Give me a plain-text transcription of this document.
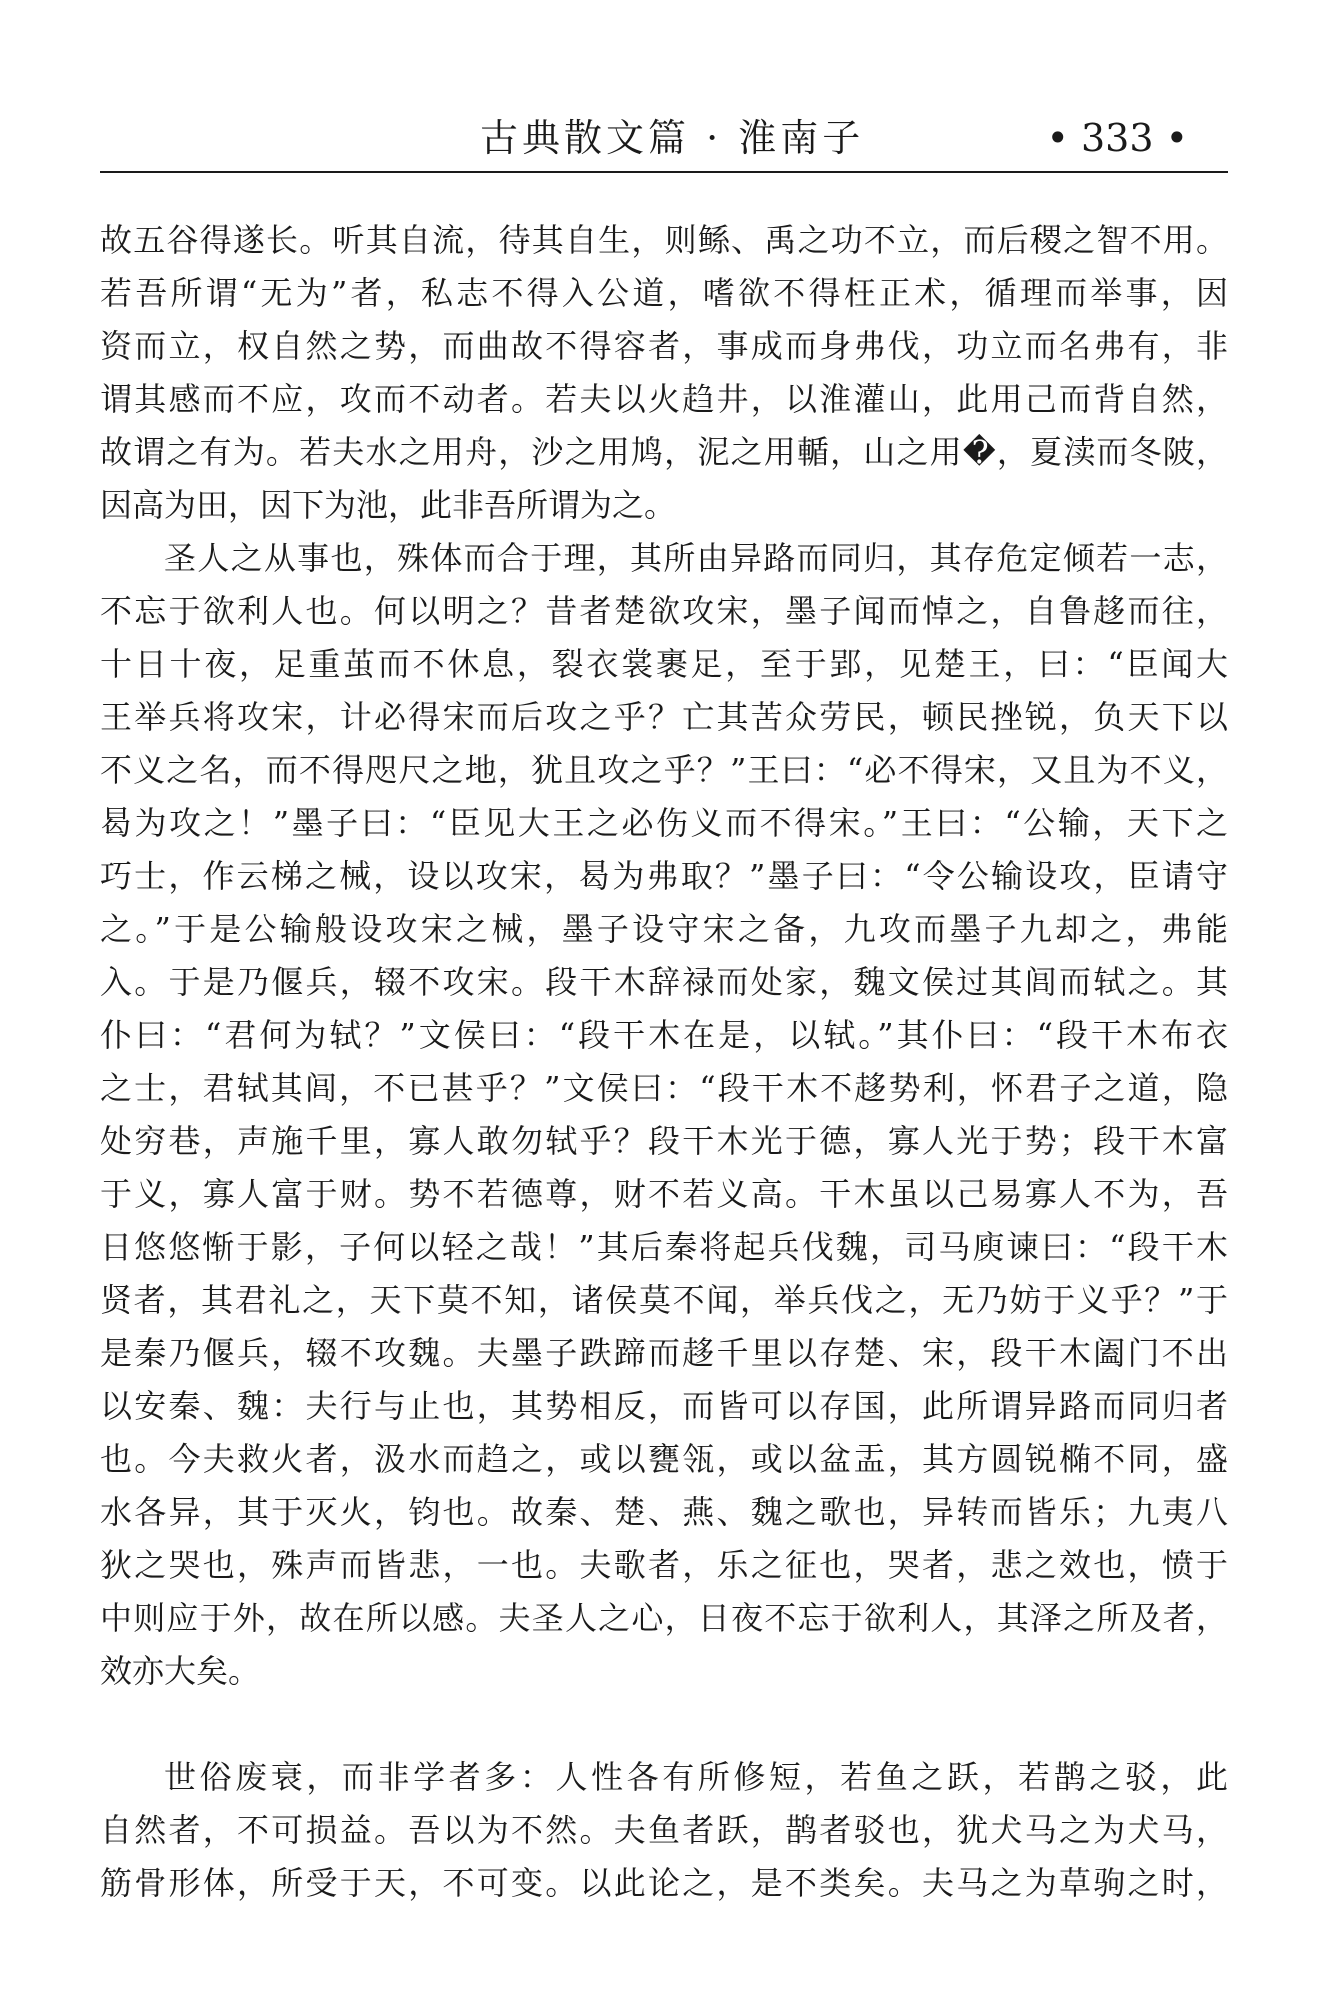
古典散文篇 · 淮南子	• 333 •
故五谷得遂长。听其自流，待其自生，则鲧、禹之功不立，而后稷之智不用。
若吾所谓“无为”者，私志不得入公道，嗜欲不得枉正术，循理而举事，因
资而立，权自然之势，而曲故不得容者，事成而身弗伐，功立而名弗有，非
谓其感而不应，攻而不动者。若夫以火趋井，以淮灌山，此用己而背自然，
故谓之有为。若夫水之用舟，沙之用鸠，泥之用輴，山之用�，夏渎而冬陂，
因高为田，因下为池，此非吾所谓为之。
圣人之从事也，殊体而合于理，其所由异路而同归，其存危定倾若一志，
不忘于欲利人也。何以明之？昔者楚欲攻宋，墨子闻而悼之，自鲁趍而往，
十日十夜，足重茧而不休息，裂衣裳裹足，至于郢，见楚王，曰：“臣闻大
王举兵将攻宋，计必得宋而后攻之乎？亡其苦众劳民，顿民挫锐，负天下以
不义之名，而不得咫尺之地，犹且攻之乎？”王曰：“必不得宋，又且为不义，
曷为攻之！”墨子曰：“臣见大王之必伤义而不得宋。”王曰：“公输，天下之
巧士，作云梯之械，设以攻宋，曷为弗取？”墨子曰：“令公输设攻，臣请守
之。”于是公输般设攻宋之械，墨子设守宋之备，九攻而墨子九却之，弗能
入。于是乃偃兵，辍不攻宋。段干木辞禄而处家，魏文侯过其闾而轼之。其
仆曰：“君何为轼？”文侯曰：“段干木在是，以轼。”其仆曰：“段干木布衣
之士，君轼其闾，不已甚乎？”文侯曰：“段干木不趍势利，怀君子之道，隐
处穷巷，声施千里，寡人敢勿轼乎？段干木光于德，寡人光于势；段干木富
于义，寡人富于财。势不若德尊，财不若义高。干木虽以己易寡人不为，吾
日悠悠惭于影，子何以轻之哉！”其后秦将起兵伐魏，司马庾谏曰：“段干木
贤者，其君礼之，天下莫不知，诸侯莫不闻，举兵伐之，无乃妨于义乎？”于
是秦乃偃兵，辍不攻魏。夫墨子跌蹄而趍千里以存楚、宋，段干木阖门不出
以安秦、魏：夫行与止也，其势相反，而皆可以存国，此所谓异路而同归者
也。今夫救火者，汲水而趋之，或以甕瓴，或以盆盂，其方圆锐椭不同，盛
水各异，其于灭火，钧也。故秦、楚、燕、魏之歌也，异转而皆乐；九夷八
狄之哭也，殊声而皆悲，一也。夫歌者，乐之征也，哭者，悲之效也，愤于
中则应于外，故在所以感。夫圣人之心，日夜不忘于欲利人，其泽之所及者，
效亦大矣。
世俗废衰，而非学者多：人性各有所修短，若鱼之跃，若鹊之驳，此
自然者，不可损益。吾以为不然。夫鱼者跃，鹊者驳也，犹犬马之为犬马，
筋骨形体，所受于天，不可变。以此论之，是不类矣。夫马之为草驹之时，
